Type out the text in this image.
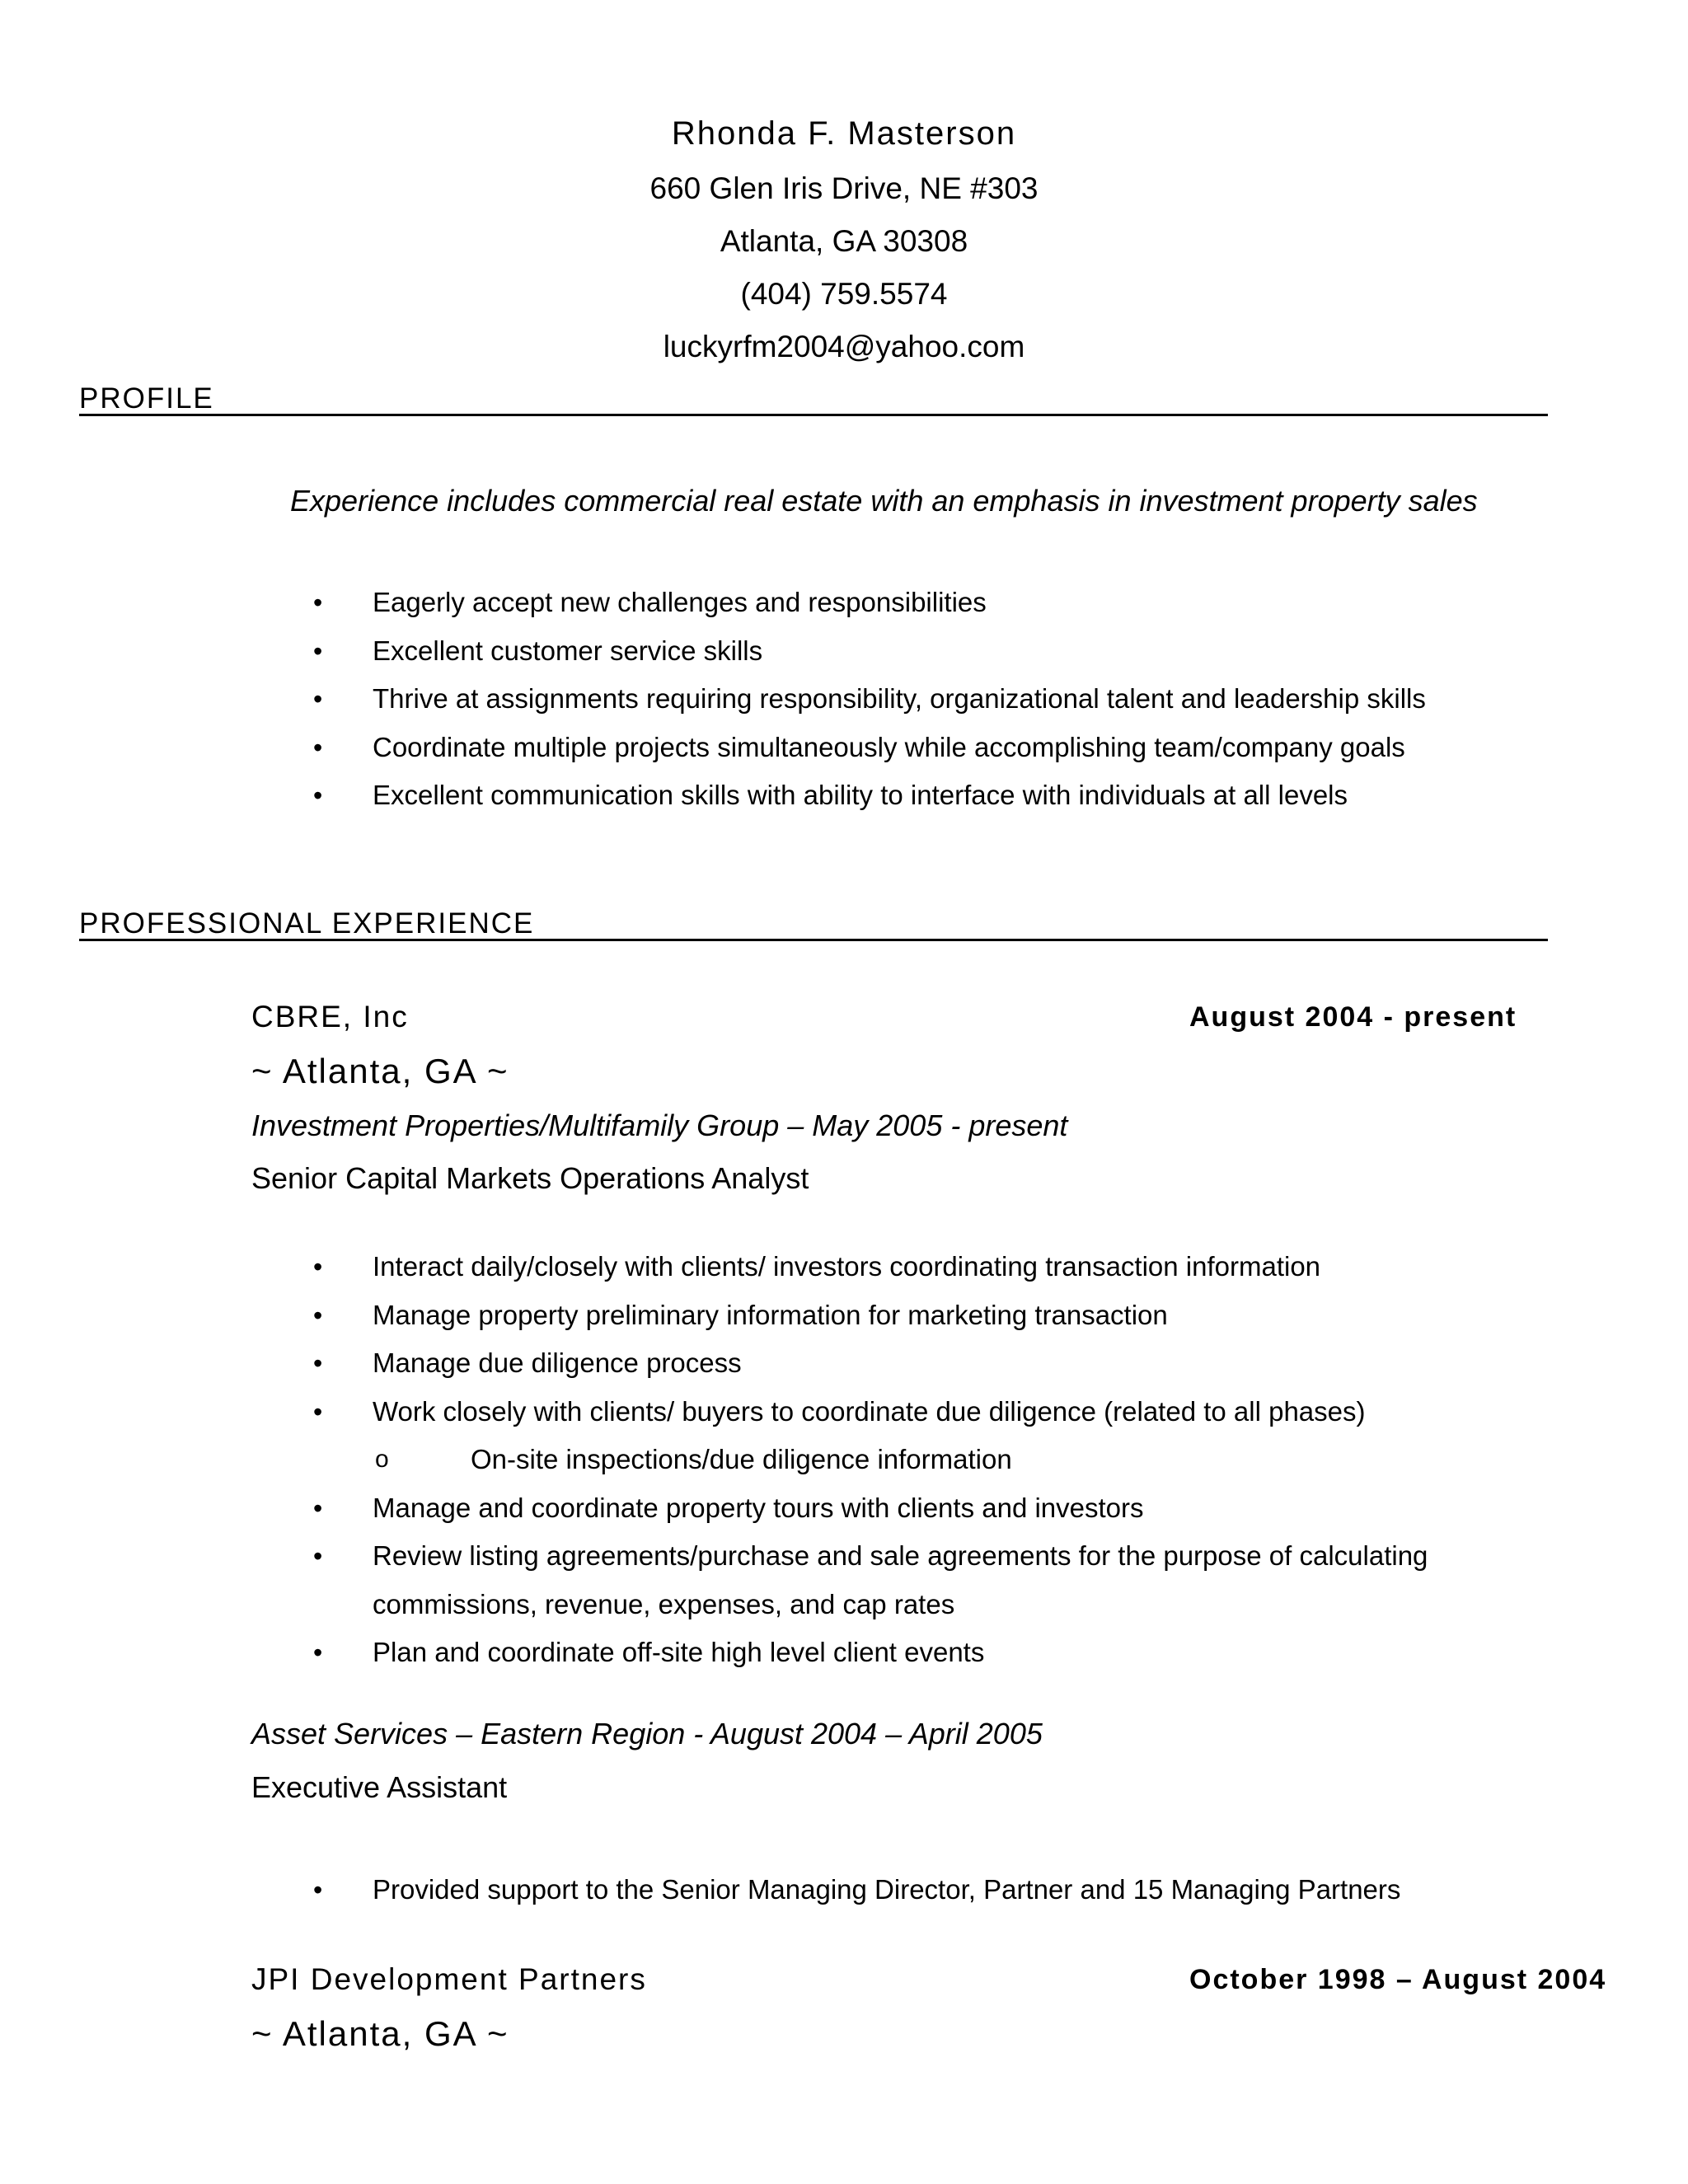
Rhonda F. Masterson
660 Glen Iris Drive, NE #303
Atlanta, GA 30308
(404) 759.5574
luckyrfm2004@yahoo.com
PROFILE
Experience includes commercial real estate with an emphasis in investment property sales
• Eagerly accept new challenges and responsibilities
• Excellent customer service skills
• Thrive at assignments requiring responsibility, organizational talent and leadership skills
• Coordinate multiple projects simultaneously while accomplishing team/company goals
• Excellent communication skills with ability to interface with individuals at all levels
PROFESSIONAL EXPERIENCE
CBRE, Inc	August 2004 - present
~ Atlanta, GA ~
Investment Properties/Multifamily Group – May 2005 - present
Senior Capital Markets Operations Analyst
• Interact daily/closely with clients/ investors coordinating transaction information
• Manage property preliminary information for marketing transaction
• Manage due diligence process
• Work closely with clients/ buyers to coordinate due diligence (related to all phases)
o	On-site inspections/due diligence information
• Manage and coordinate property tours with clients and investors
• Review listing agreements/purchase and sale agreements for the purpose of calculating
commissions, revenue, expenses, and cap rates
• Plan and coordinate off-site high level client events
Asset Services – Eastern Region - August 2004 – April 2005
Executive Assistant
• Provided support to the Senior Managing Director, Partner and 15 Managing Partners
JPI Development Partners	October 1998 – August 2004
~ Atlanta, GA ~
